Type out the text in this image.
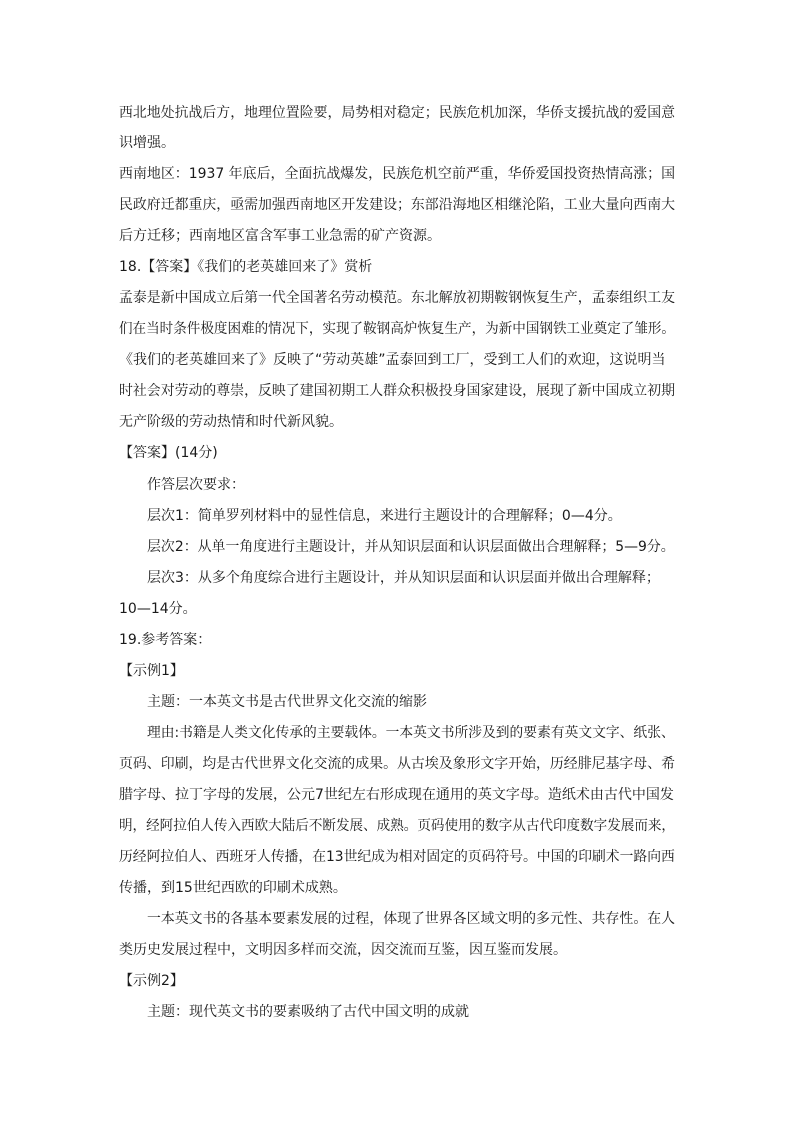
西北地处抗战后方，地理位置险要，局势相对稳定；民族危机加深，华侨支援抗战的爱国意
识增强。
西南地区：1937 年底后，全面抗战爆发，民族危机空前严重，华侨爱国投资热情高涨；国
民政府迁都重庆，亟需加强西南地区开发建设；东部沿海地区相继沦陷，工业大量向西南大
后方迁移；西南地区富含军事工业急需的矿产资源。
18.【答案】《我们的老英雄回来了》赏析
孟泰是新中国成立后第一代全国著名劳动模范。东北解放初期鞍钢恢复生产，孟泰组织工友
们在当时条件极度困难的情况下，实现了鞍钢高炉恢复生产，为新中国钢铁工业奠定了雏形。
《我们的老英雄回来了》反映了“劳动英雄”孟泰回到工厂，受到工人们的欢迎，这说明当
时社会对劳动的尊崇，反映了建国初期工人群众积极投身国家建设，展现了新中国成立初期
无产阶级的劳动热情和时代新风貌。
【答案】(14分)
作答层次要求：
层次1：简单罗列材料中的显性信息，来进行主题设计的合理解释；0—4分。
层次2：从单一角度进行主题设计，并从知识层面和认识层面做出合理解释；5—9分。
层次3：从多个角度综合进行主题设计，并从知识层面和认识层面并做出合理解释；
10—14分。
19.参考答案：
【示例1】
主题：一本英文书是古代世界文化交流的缩影
理由:书籍是人类文化传承的主要载体。一本英文书所涉及到的要素有英文文字、纸张、
页码、印刷，均是古代世界文化交流的成果。从古埃及象形文字开始，历经腓尼基字母、希
腊字母、拉丁字母的发展，公元7世纪左右形成现在通用的英文字母。造纸术由古代中国发
明，经阿拉伯人传入西欧大陆后不断发展、成熟。页码使用的数字从古代印度数字发展而来，
历经阿拉伯人、西班牙人传播，在13世纪成为相对固定的页码符号。中国的印刷术一路向西
传播，到15世纪西欧的印刷术成熟。
一本英文书的各基本要素发展的过程，体现了世界各区域文明的多元性、共存性。在人
类历史发展过程中，文明因多样而交流，因交流而互鉴，因互鉴而发展。
【示例2】
主题：现代英文书的要素吸纳了古代中国文明的成就
